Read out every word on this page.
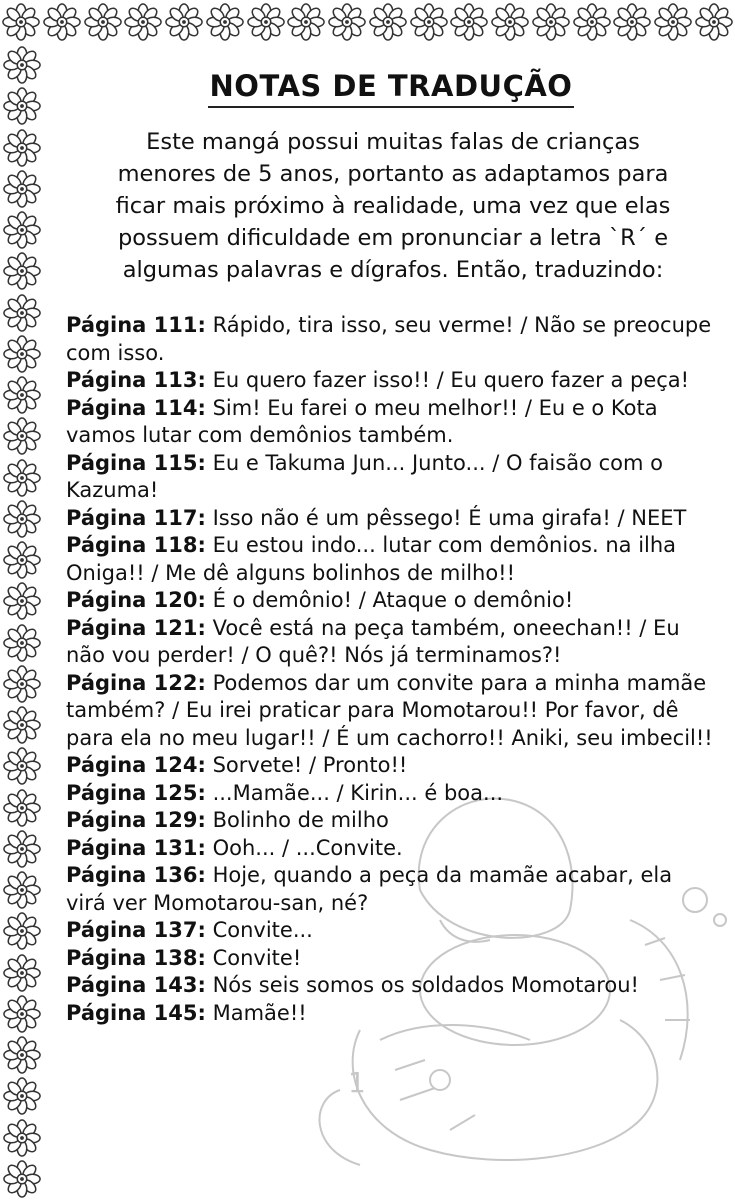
1
NOTAS DE TRADUÇÃO

Este mangá possui muitas falas de crianças

menores de 5 anos, portanto as adaptamos para

ficar mais próximo à realidade, uma vez que elas

possuem dificuldade em pronunciar a letra `R´ e

algumas palavras e dígrafos. Então, traduzindo:

Página 111: Rápido, tira isso, seu verme! / Não se preocupe com isso.

Página 113: Eu quero fazer isso!! / Eu quero fazer a peça!

Página 114: Sim! Eu farei o meu melhor!! / Eu e o Kota vamos lutar com demônios também.

Página 115: Eu e Takuma Jun... Junto... / O faisão com o Kazuma!

Página 117: Isso não é um pêssego! É uma girafa! / NEET

Página 118: Eu estou indo... lutar com demônios. na ilha Oniga!! / Me dê alguns bolinhos de milho!!

Página 120: É o demônio! / Ataque o demônio!

Página 121: Você está na peça também, oneechan!! / Eu não vou perder! / O quê?! Nós já terminamos?!

Página 122: Podemos dar um convite para a minha mamãe também? / Eu irei praticar para Momotarou!! Por favor, dê para ela no meu lugar!! / É um cachorro!! Aniki, seu imbecil!!

Página 124: Sorvete! / Pronto!!

Página 125: ...Mamãe... / Kirin... é boa...

Página 129: Bolinho de milho

Página 131: Ooh... / ...Convite.

Página 136: Hoje, quando a peça da mamãe acabar, ela virá ver Momotarou-san, né?

Página 137: Convite...

Página 138: Convite!

Página 143: Nós seis somos os soldados Momotarou!

Página 145: Mamãe!!
